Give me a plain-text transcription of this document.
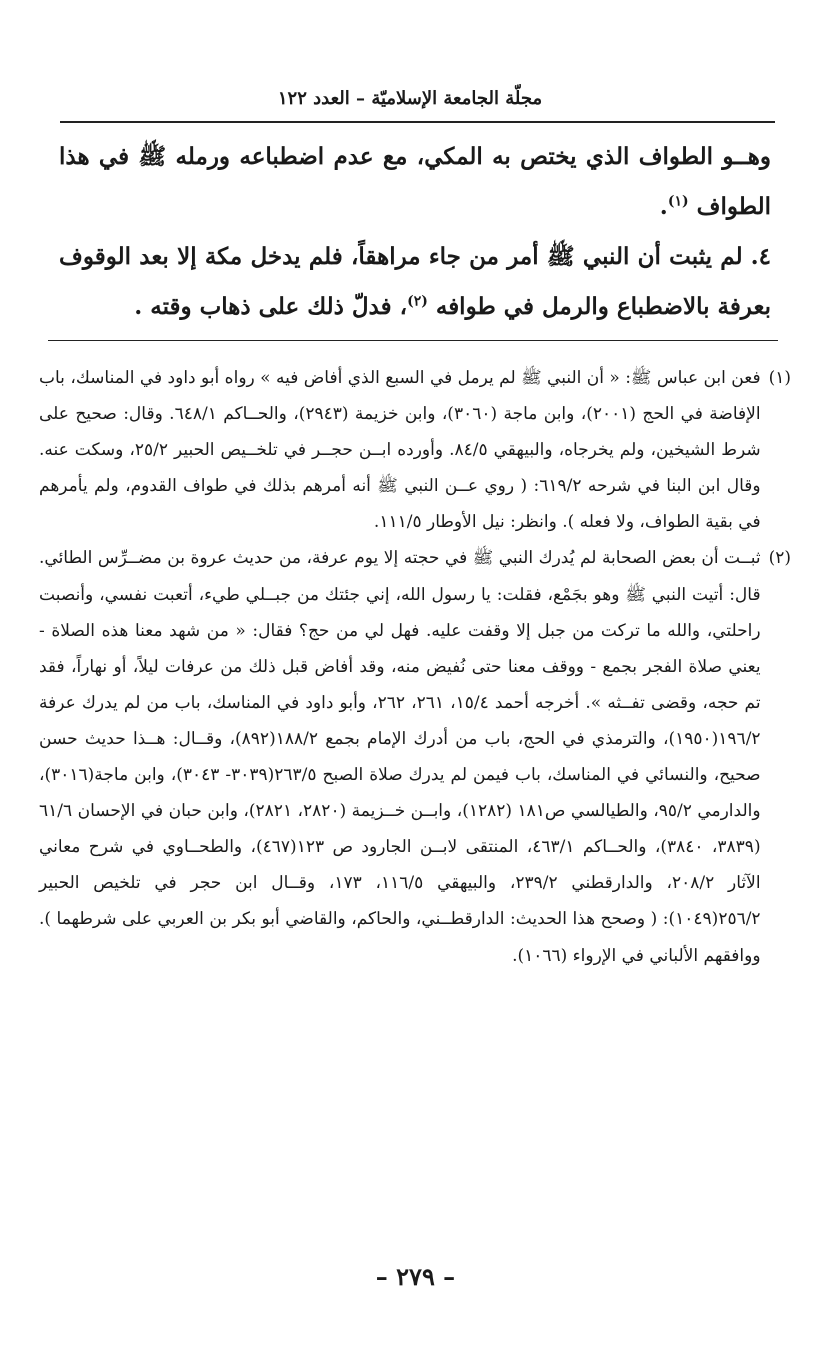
مجلّة الجامعة الإسلاميّة – العدد ١٢٢

وهــو الطواف الذي يختص به المكي، مع عدم اضطباعه ورمله ﷺ في هذا الطواف $^{(١)}$.

٤.لم يثبت أن النبي ﷺ أمر من جاء مراهقاً، فلم يدخل مكة إلا بعد الوقوف بعرفة بالاضطباع والرمل في طوافه $^{(٢)}$، فدلّ ذلك على ذهاب وقته .

(١)
فعن ابن عباس ﷺ: « أن النبي ﷺ لم يرمل في السبع الذي أفاض فيه » رواه أبو داود في المناسك، باب الإفاضة في الحج (٢٠٠١)، وابن ماجة (٣٠٦٠)، وابن خزيمة (٢٩٤٣)، والحــاكم ٦٤٨/١. وقال: صحيح على شرط الشيخين، ولم يخرجاه، والبيهقي ٨٤/٥. وأورده ابــن حجــر في تلخــيص الحبير ٢٥/٢، وسكت عنه. وقال ابن البنا في شرحه ٦١٩/٢: ( روي عــن النبي ﷺ أنه أمرهم بذلك في طواف القدوم، ولم يأمرهم في بقية الطواف، ولا فعله ). وانظر: نيل الأوطار ١١١/٥.
(٢)
ثبــت أن بعض الصحابة لم يُدرك النبي ﷺ في حجته إلا يوم عرفة، من حديث عروة بن مضــرِّس الطائي. قال: أتيت النبي ﷺ وهو بجَمْع، فقلت: يا رسول الله، إني جئتك من جبــلي طيء، أتعبت نفسي، وأنصبت راحلتي، والله ما تركت من جبل إلا وقفت عليه. فهل لي من حج؟ فقال: « من شهد معنا هذه الصلاة - يعني صلاة الفجر بجمع - ووقف معنا حتى نُفيض منه، وقد أفاض قبل ذلك من عرفات ليلاً، أو نهاراً، فقد تم حجه، وقضى تفــثه ». أخرجه أحمد ١٥/٤، ٢٦١، ٢٦٢، وأبو داود في المناسك، باب من لم يدرك عرفة ١٩٦/٢(١٩٥٠)، والترمذي في الحج، باب من أدرك الإمام بجمع ١٨٨/٢(٨٩٢)، وقــال: هــذا حديث حسن صحيح، والنسائي في المناسك، باب فيمن لم يدرك صلاة الصبح ٢٦٣/٥(٣٠٣٩- ٣٠٤٣)، وابن ماجة(٣٠١٦)، والدارمي ٩٥/٢، والطيالسي ص١٨١ (١٢٨٢)، وابــن خــزيمة (٢٨٢٠، ٢٨٢١)، وابن حبان في الإحسان ٦١/٦ (٣٨٣٩، ٣٨٤٠)، والحــاكم ٤٦٣/١، المنتقى لابــن الجارود ص ١٢٣(٤٦٧)، والطحــاوي في شرح معاني الآثار ٢٠٨/٢، والدارقطني ٢٣٩/٢، والبيهقي ١١٦/٥، ١٧٣، وقــال ابن حجر في تلخيص الحبير ٢٥٦/٢(١٠٤٩): ( وصحح هذا الحديث: الدارقطــني، والحاكم، والقاضي أبو بكر بن العربي على شرطهما ). ووافقهم الألباني في الإرواء (١٠٦٦).
– ٢٧٩ –
